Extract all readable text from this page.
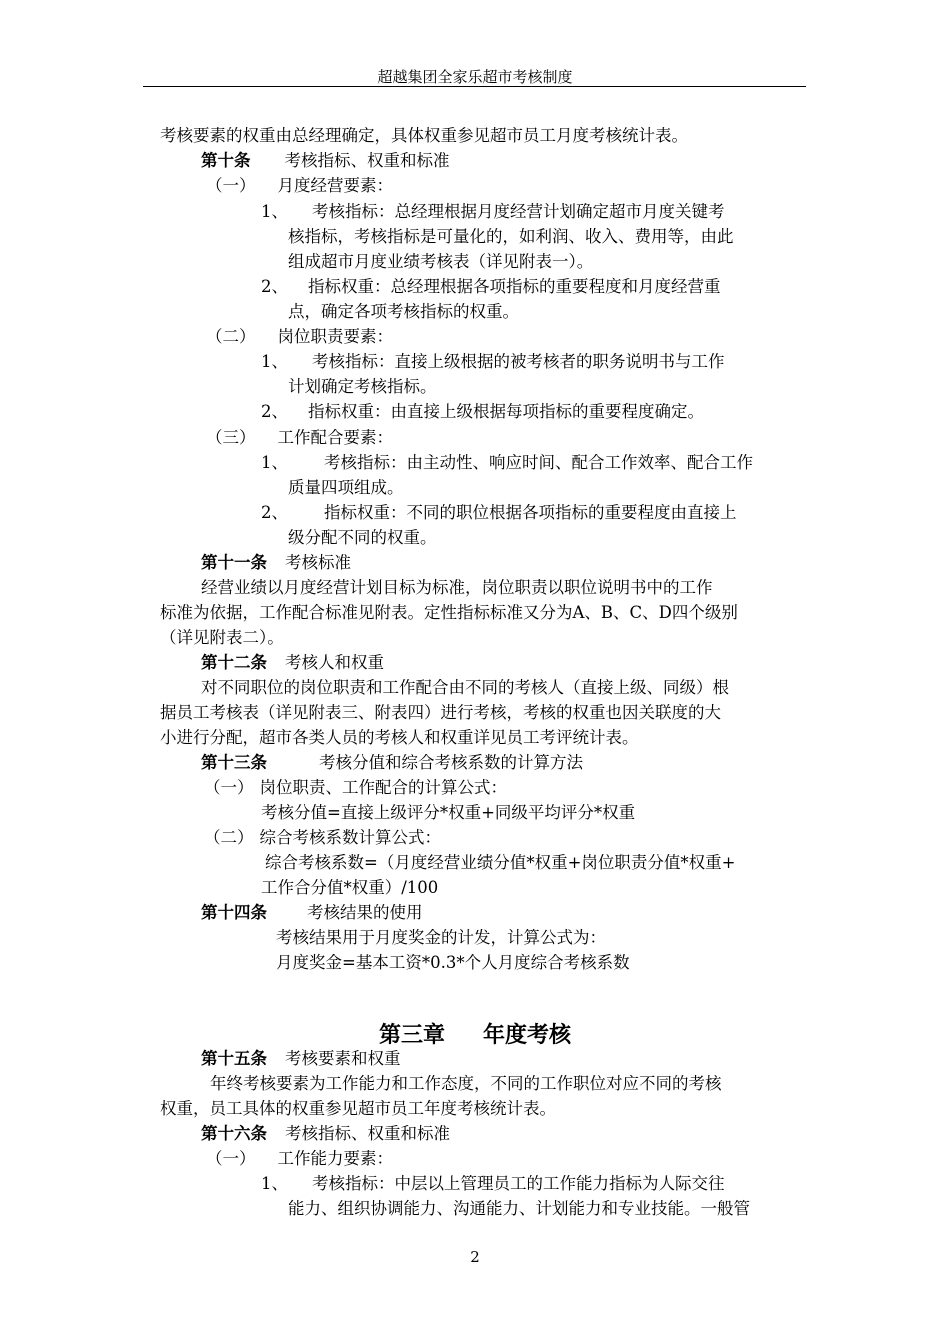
超越集团全家乐超市考核制度
考核要素的权重由总经理确定，具体权重参见超市员工月度考核统计表。
第十条 考核指标、权重和标准
（一） 月度经营要素：
1、 考核指标：总经理根据月度经营计划确定超市月度关键考
核指标，考核指标是可量化的，如利润、收入、费用等，由此
组成超市月度业绩考核表（详见附表一）。
2、 指标权重：总经理根据各项指标的重要程度和月度经营重
点，确定各项考核指标的权重。
（二） 岗位职责要素：
1、 考核指标：直接上级根据的被考核者的职务说明书与工作
计划确定考核指标。
2、 指标权重：由直接上级根据每项指标的重要程度确定。
（三） 工作配合要素：
1、 考核指标：由主动性、响应时间、配合工作效率、配合工作
质量四项组成。
2、 指标权重：不同的职位根据各项指标的重要程度由直接上
级分配不同的权重。
第十一条 考核标准
经营业绩以月度经营计划目标为标准，岗位职责以职位说明书中的工作
标准为依据，工作配合标准见附表。定性指标标准又分为A、B、C、D四个级别
（详见附表二）。
第十二条 考核人和权重
对不同职位的岗位职责和工作配合由不同的考核人（直接上级、同级）根
据员工考核表（详见附表三、附表四）进行考核，考核的权重也因关联度的大
小进行分配，超市各类人员的考核人和权重详见员工考评统计表。
第十三条	考核分值和综合考核系数的计算方法
（一） 岗位职责、工作配合的计算公式：
考核分值=直接上级评分*权重+同级平均评分*权重
（二） 综合考核系数计算公式：
综合考核系数=（月度经营业绩分值*权重+岗位职责分值*权重+
工作合分值*权重）/100
第十四条 考核结果的使用
考核结果用于月度奖金的计发，计算公式为：
月度奖金=基本工资*0.3*个人月度综合考核系数
第三章 年度考核
第十五条 考核要素和权重
年终考核要素为工作能力和工作态度，不同的工作职位对应不同的考核
权重，员工具体的权重参见超市员工年度考核统计表。
第十六条 考核指标、权重和标准
（一） 工作能力要素：
1、 考核指标：中层以上管理员工的工作能力指标为人际交往
能力、组织协调能力、沟通能力、计划能力和专业技能。一般管
2
